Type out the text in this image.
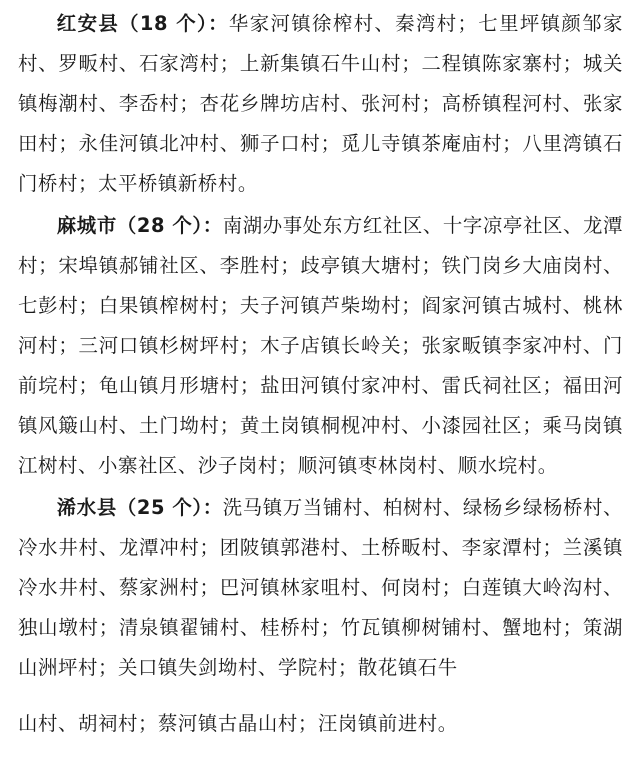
红安县（18 个）：华家河镇徐榨村、秦湾村；七里坪镇颜邹家村、罗畈村、石家湾村；上新集镇石牛山村；二程镇陈家寨村；城关镇梅潮村、李岙村；杏花乡牌坊店村、张河村；高桥镇程河村、张家田村；永佳河镇北冲村、狮子口村；觅儿寺镇茶庵庙村；八里湾镇石门桥村；太平桥镇新桥村。

麻城市（28 个）：南湖办事处东方红社区、十字凉亭社区、龙潭村；宋埠镇郝铺社区、李胜村；歧亭镇大塘村；铁门岗乡大庙岗村、七彭村；白果镇榨树村；夫子河镇芦柴坳村；阎家河镇古城村、桃林河村；三河口镇杉树坪村；木子店镇长岭关；张家畈镇李家冲村、门前垸村；龟山镇月形塘村；盐田河镇付家冲村、雷氏祠社区；福田河镇风簸山村、土门坳村；黄土岗镇桐枧冲村、小漆园社区；乘马岗镇江树村、小寨社区、沙子岗村；顺河镇枣林岗村、顺水垸村。

浠水县（25 个）：洗马镇万当铺村、柏树村、绿杨乡绿杨桥村、冷水井村、龙潭冲村；团陂镇郭港村、土桥畈村、李家潭村；兰溪镇冷水井村、蔡家洲村；巴河镇林家咀村、何岗村；白莲镇大岭沟村、独山墩村；清泉镇翟铺村、桂桥村；竹瓦镇柳树铺村、蟹地村；策湖山洲坪村；关口镇失剑坳村、学院村；散花镇石牛

山村、胡祠村；蔡河镇古晶山村；汪岗镇前进村。
